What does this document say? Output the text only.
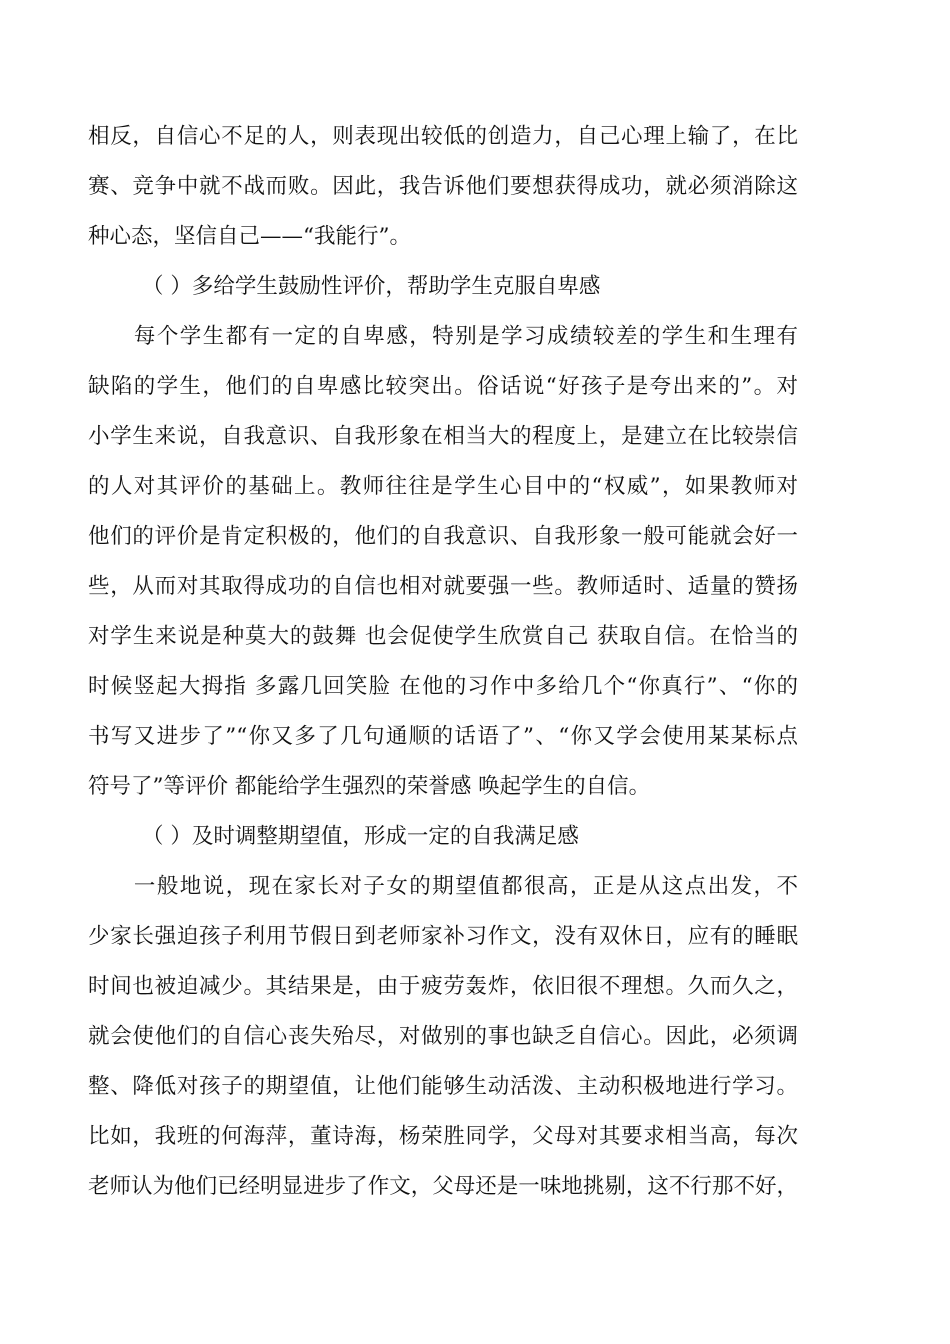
相反，自信心不足的人，则表现出较低的创造力，自己心理上输了，在比
赛、竞争中就不战而败。因此，我告诉他们要想获得成功，就必须消除这
种心态，坚信自己——“我能行”。
（ ）多给学生鼓励性评价，帮助学生克服自卑感
　　每个学生都有一定的自卑感，特别是学习成绩较差的学生和生理有
缺陷的学生，他们的自卑感比较突出。俗话说“好孩子是夸出来的”。对
小学生来说，自我意识、自我形象在相当大的程度上，是建立在比较崇信
的人对其评价的基础上。教师往往是学生心目中的“权威”，如果教师对
他们的评价是肯定积极的，他们的自我意识、自我形象一般可能就会好一
些，从而对其取得成功的自信也相对就要强一些。教师适时、适量的赞扬
对学生来说是种莫大的鼓舞 也会促使学生欣赏自己 获取自信。在恰当的
时候竖起大拇指 多露几回笑脸 在他的习作中多给几个“你真行”、“你的
书写又进步了”“你又多了几句通顺的话语了”、“你又学会使用某某标点
符号了”等评价 都能给学生强烈的荣誉感 唤起学生的自信。
（ ）及时调整期望值，形成一定的自我满足感
　　一般地说，现在家长对子女的期望值都很高，正是从这点出发，不
少家长强迫孩子利用节假日到老师家补习作文，没有双休日，应有的睡眠
时间也被迫减少。其结果是，由于疲劳轰炸，依旧很不理想。久而久之，
就会使他们的自信心丧失殆尽，对做别的事也缺乏自信心。因此，必须调
整、降低对孩子的期望值，让他们能够生动活泼、主动积极地进行学习。
比如，我班的何海萍，董诗海，杨荣胜同学，父母对其要求相当高，每次
老师认为他们已经明显进步了作文，父母还是一味地挑剔，这不行那不好，
